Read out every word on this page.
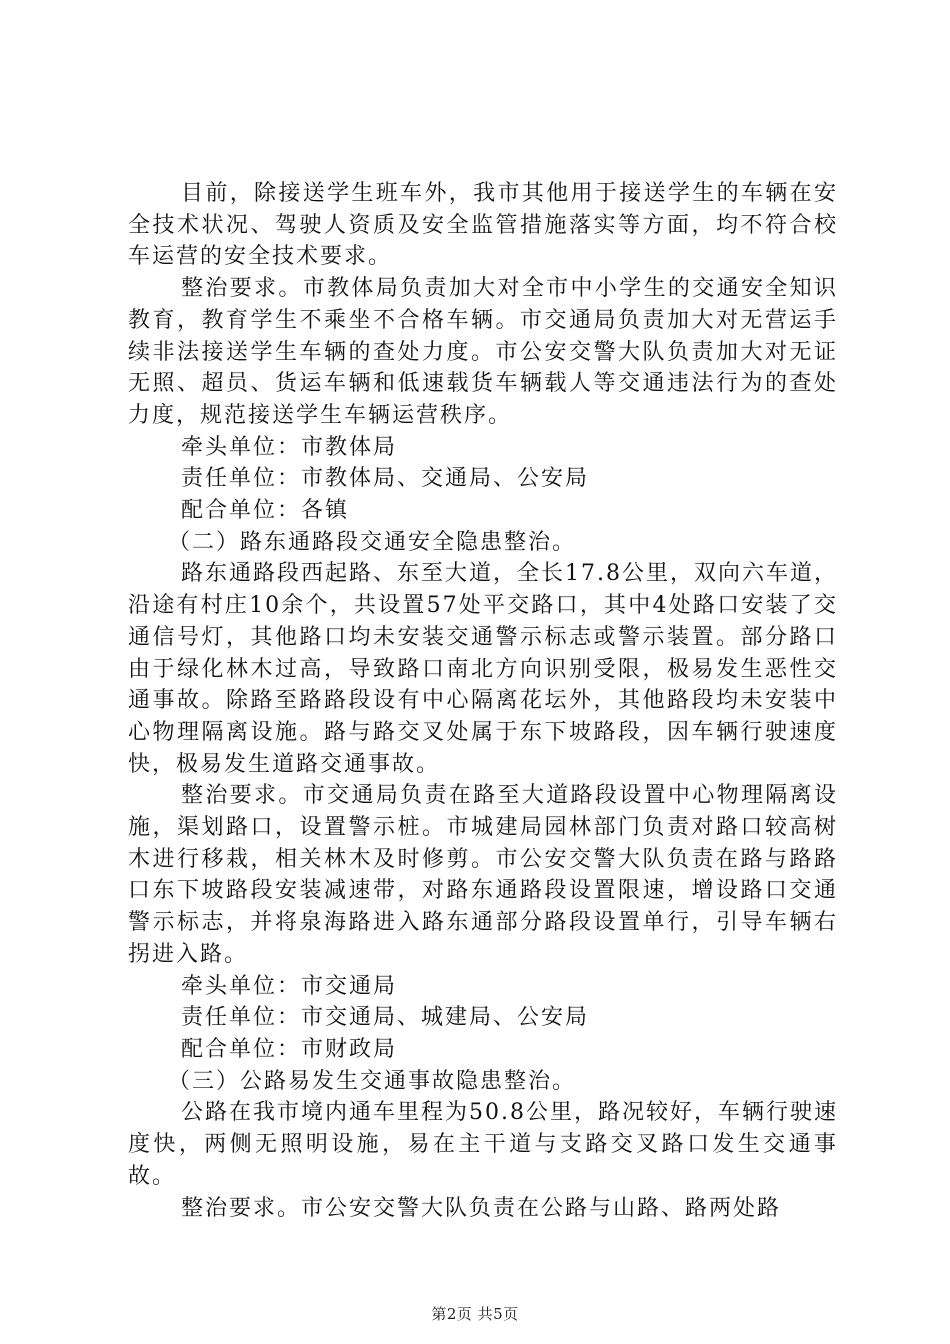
目前，除接送学生班车外，我市其他用于接送学生的车辆在安全技术状况、驾驶人资质及安全监管措施落实等方面，均不符合校车运营的安全技术要求。

整治要求。市教体局负责加大对全市中小学生的交通安全知识教育，教育学生不乘坐不合格车辆。市交通局负责加大对无营运手续非法接送学生车辆的查处力度。市公安交警大队负责加大对无证无照、超员、货运车辆和低速载货车辆载人等交通违法行为的查处力度，规范接送学生车辆运营秩序。

牵头单位：市教体局

责任单位：市教体局、交通局、公安局

配合单位：各镇

（二）路东通路段交通安全隐患整治。

路东通路段西起路、东至大道，全长17.8公里，双向六车道，沿途有村庄10余个，共设置57处平交路口，其中4处路口安装了交通信号灯，其他路口均未安装交通警示标志或警示装置。部分路口由于绿化林木过高，导致路口南北方向识别受限，极易发生恶性交通事故。除路至路路段设有中心隔离花坛外，其他路段均未安装中心物理隔离设施。路与路交叉处属于东下坡路段，因车辆行驶速度快，极易发生道路交通事故。

整治要求。市交通局负责在路至大道路段设置中心物理隔离设施，渠划路口，设置警示桩。市城建局园林部门负责对路口较高树木进行移栽，相关林木及时修剪。市公安交警大队负责在路与路路口东下坡路段安装减速带，对路东通路段设置限速，增设路口交通警示标志，并将泉海路进入路东通部分路段设置单行，引导车辆右拐进入路。

牵头单位：市交通局

责任单位：市交通局、城建局、公安局

配合单位：市财政局

（三）公路易发生交通事故隐患整治。

公路在我市境内通车里程为50.8公里，路况较好，车辆行驶速度快，两侧无照明设施，易在主干道与支路交叉路口发生交通事故。

整治要求。市公安交警大队负责在公路与山路、路两处路

第2页 共5页
